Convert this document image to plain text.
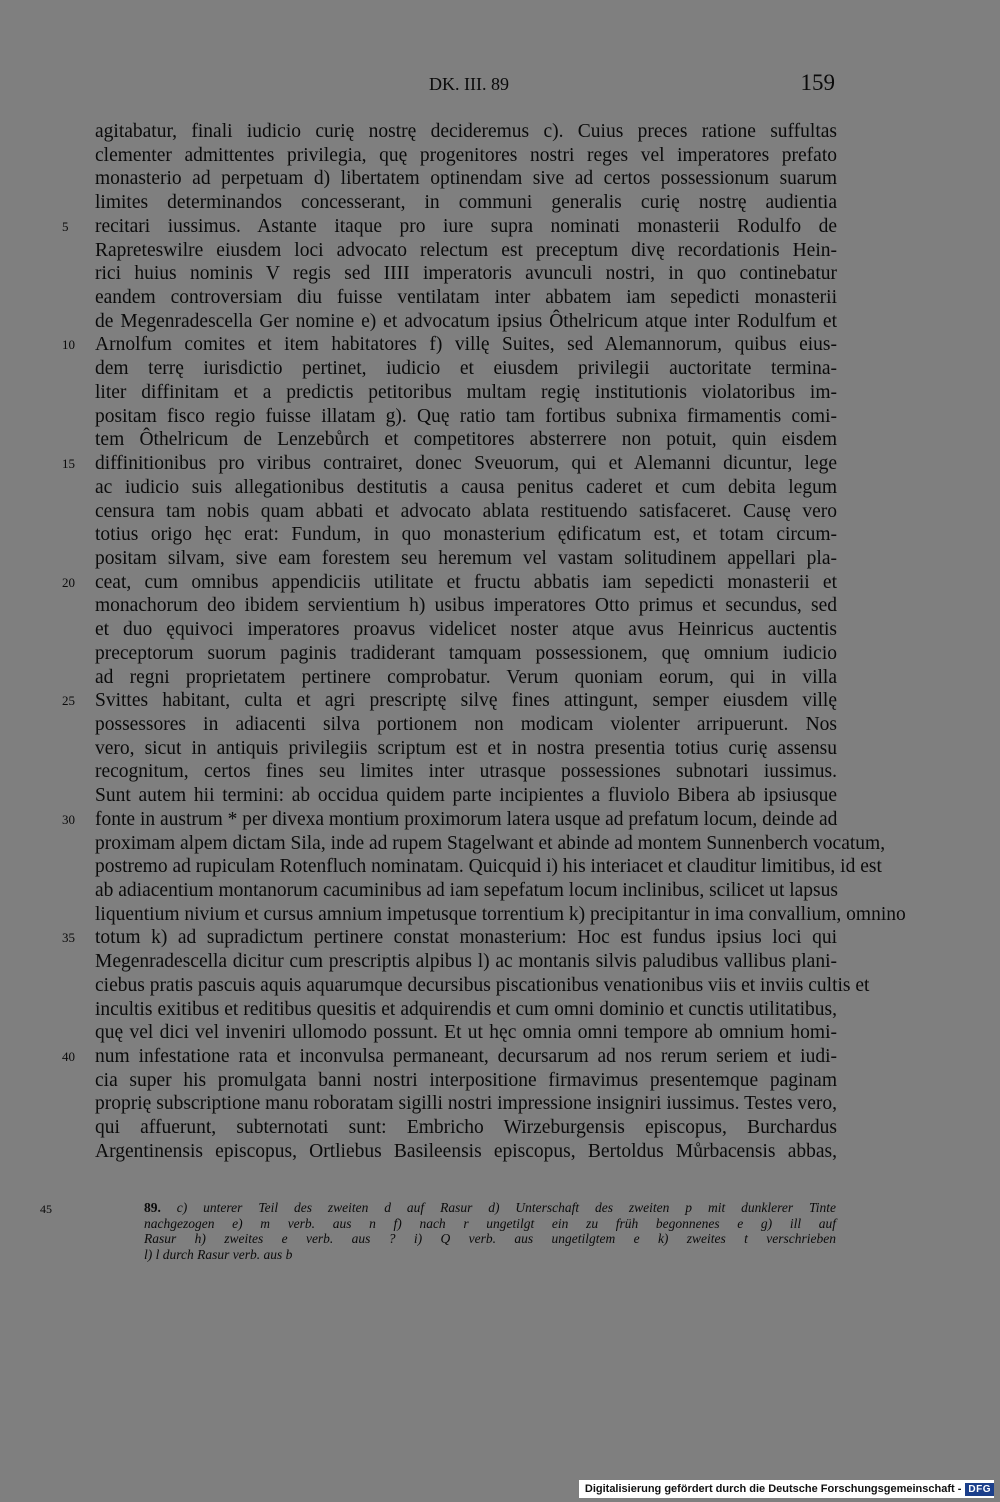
DK. III. 89	159
agitabatur, finali iudicio curię nostrę decideremus c). Cuius preces ratione suffultas
clementer admittentes privilegia, quę progenitores nostri reges vel imperatores prefato
monasterio ad perpetuam d) libertatem optinendam sive ad certos possessionum suarum
limites determinandos concesserant, in communi generalis curię nostrę audientia
5	recitari iussimus. Astante itaque pro iure supra nominati monasterii Rodulfo de
Rapreteswilre eiusdem loci advocato relectum est preceptum divę recordationis Hein-
rici huius nominis V regis sed IIII imperatoris avunculi nostri, in quo continebatur
eandem controversiam diu fuisse ventilatam inter abbatem iam sepedicti monasterii
de Megenradescella Ger nomine e) et advocatum ipsius Ôthelricum atque inter Rodulfum et
10	Arnolfum comites et item habitatores f) villę Suites, sed Alemannorum, quibus eius-
dem terrę iurisdictio pertinet, iudicio et eiusdem privilegii auctoritate termina-
liter diffinitam et a predictis petitoribus multam regię institutionis violatoribus im-
positam fisco regio fuisse illatam g). Quę ratio tam fortibus subnixa firmamentis comi-
tem Ôthelricum de Lenzebůrch et competitores absterrere non potuit, quin eisdem
15	diffinitionibus pro viribus contrairet, donec Sveuorum, qui et Alemanni dicuntur, lege
ac iudicio suis allegationibus destitutis a causa penitus caderet et cum debita legum
censura tam nobis quam abbati et advocato ablata restituendo satisfaceret. Causę vero
totius origo hęc erat: Fundum, in quo monasterium ędificatum est, et totam circum-
positam silvam, sive eam forestem seu heremum vel vastam solitudinem appellari pla-
20	ceat, cum omnibus appendiciis utilitate et fructu abbatis iam sepedicti monasterii et
monachorum deo ibidem servientium h) usibus imperatores Otto primus et secundus, sed
et duo ęquivoci imperatores proavus videlicet noster atque avus Heinricus auctentis
preceptorum suorum paginis tradiderant tamquam possessionem, quę omnium iudicio
ad regni proprietatem pertinere comprobatur. Verum quoniam eorum, qui in villa
25	Svittes habitant, culta et agri prescriptę silvę fines attingunt, semper eiusdem villę
possessores in adiacenti silva portionem non modicam violenter arripuerunt. Nos
vero, sicut in antiquis privilegiis scriptum est et in nostra presentia totius curię assensu
recognitum, certos fines seu limites inter utrasque possessiones subnotari iussimus.
Sunt autem hii termini: ab occidua quidem parte incipientes a fluviolo Bibera ab ipsiusque
30	fonte in austrum * per divexa montium proximorum latera usque ad prefatum locum, deinde ad
proximam alpem dictam Sila, inde ad rupem Stagelwant et abinde ad montem Sunnenberch vocatum,
postremo ad rupiculam Rotenfluch nominatam. Quicquid i) his interiacet et clauditur limitibus, id est
ab adiacentium montanorum cacuminibus ad iam sepefatum locum inclinibus, scilicet ut lapsus
liquentium nivium et cursus amnium impetusque torrentium k) precipitantur in ima convallium, omnino
35	totum k) ad supradictum pertinere constat monasterium: Hoc est fundus ipsius loci qui
Megenradescella dicitur cum prescriptis alpibus l) ac montanis silvis paludibus vallibus plani-
ciebus pratis pascuis aquis aquarumque decursibus piscationibus venationibus viis et inviis cultis et
incultis exitibus et reditibus quesitis et adquirendis et cum omni dominio et cunctis utilitatibus,
quę vel dici vel inveniri ullomodo possunt. Et ut hęc omnia omni tempore ab omnium homi-
40	num infestatione rata et inconvulsa permaneant, decursarum ad nos rerum seriem et iudi-
cia super his promulgata banni nostri interpositione firmavimus presentemque paginam
proprię subscriptione manu roboratam sigilli nostri impressione insigniri iussimus. Testes vero,
qui affuerunt, subternotati sunt: Embricho Wirzeburgensis episcopus, Burchardus
Argentinensis episcopus, Ortliebus Basileensis episcopus, Bertoldus Můrbacensis abbas,
45	89. c) unterer Teil des zweiten d auf Rasur d) Unterschaft des zweiten p mit dunklerer Tinte
nachgezogen e) m verb. aus n f) nach r ungetilgt ein zu früh begonnenes e g) ill auf
Rasur h) zweites e verb. aus ? i) Q verb. aus ungetilgtem e k) zweites t verschrieben
l) l durch Rasur verb. aus b
Digitalisierung gefördert durch die Deutsche Forschungsgemeinschaft - DFG
